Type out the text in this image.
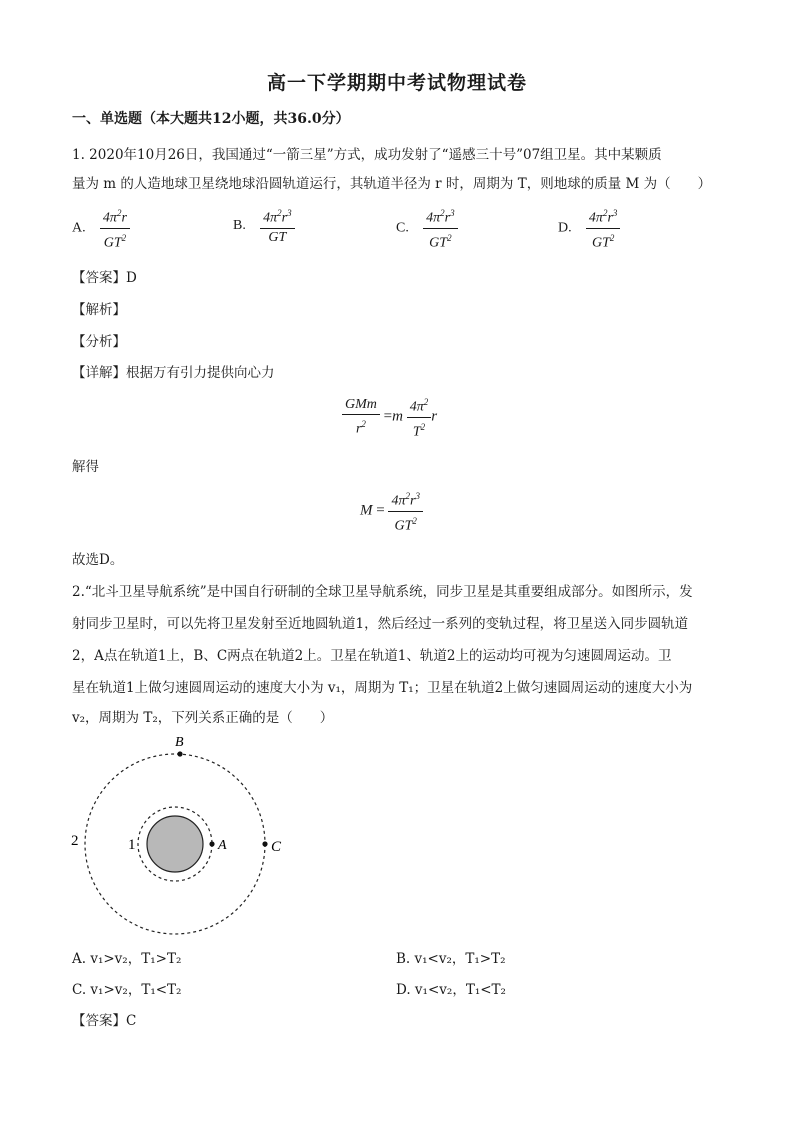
高一下学期期中考试物理试卷
一、单选题（本大题共12小题，共36.0分）
1. 2020年10月26日，我国通过“一箭三星”方式，成功发射了“遥感三十号”07组卫星。其中某颗质
量为 m 的人造地球卫星绕地球沿圆轨道运行，其轨道半径为 r 时，周期为 T，则地球的质量 M 为（　　）
A. $\frac{4\pi^2r}{GT^2}$	B. $\frac{4\pi^2r^3}{GT}$	C. $\frac{4\pi^2r^3}{GT^2}$	D. $\frac{4\pi^2r^3}{GT^2}$
【答案】D
【解析】
【分析】
【详解】根据万有引力提供向心力
$\frac{\text{GMm}}{r^2} =m \frac{4\pi^2}{T^2}$ r
解得
$M = \frac{4\pi^2r^3}{GT^2}$
故选D。
2.“北斗卫星导航系统”是中国自行研制的全球卫星导航系统，同步卫星是其重要组成部分。如图所示，发
射同步卫星时，可以先将卫星发射至近地圆轨道1，然后经过一系列的变轨过程，将卫星送入同步圆轨道
2，A点在轨道1上，B、C两点在轨道2上。卫星在轨道1、轨道2上的运动均可视为匀速圆周运动。卫
星在轨道1上做匀速圆周运动的速度大小为 v₁，周期为 T₁；卫星在轨道2上做匀速圆周运动的速度大小为
v₂，周期为 T₂，下列关系正确的是（　　）
B
A	C
1
2
A. v₁>v₂，T₁>T₂	B. v₁<v₂，T₁>T₂
C. v₁>v₂，T₁<T₂	D. v₁<v₂，T₁<T₂
【答案】C
